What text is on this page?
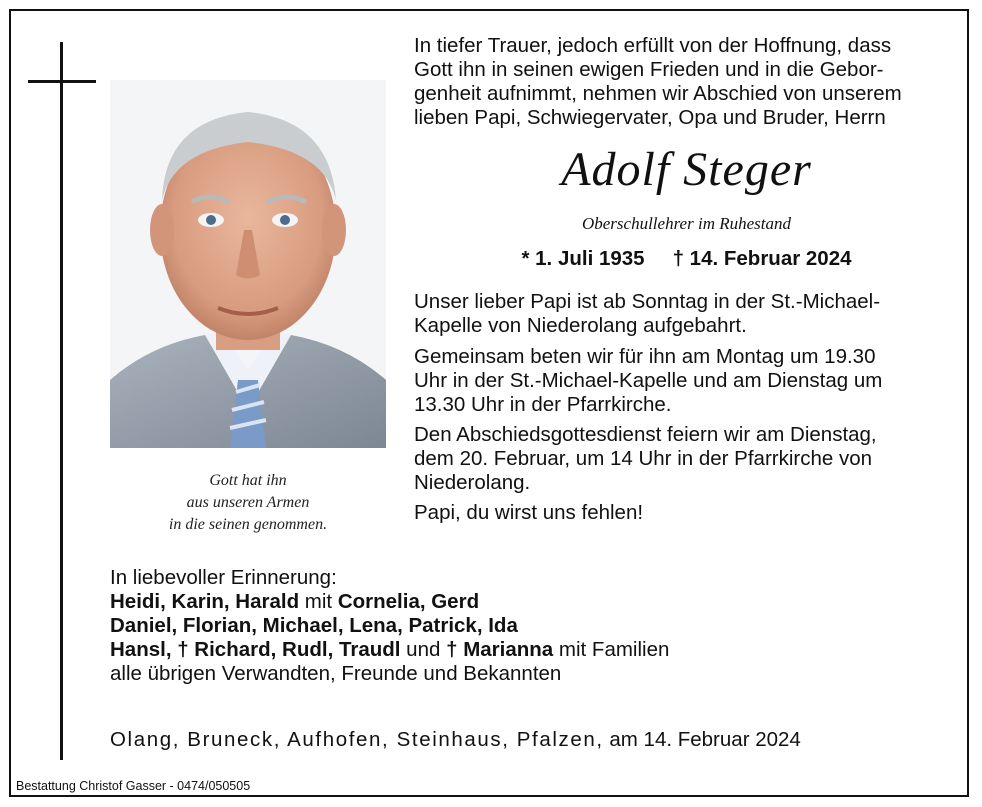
Gott hat ihn
aus unseren Armen
in die seinen genommen.

In tiefer Trauer, jedoch erfüllt von der Hoffnung, dass

Gott ihn in seinen ewigen Frieden und in die Gebor-

genheit aufnimmt, nehmen wir Abschied von unserem

lieben Papi, Schwiegervater, Opa und Bruder, Herrn

Adolf Steger
Oberschullehrer im Ruhestand
* 1. Juli 1935 † 14. Februar 2024

Unser lieber Papi ist ab Sonntag in der St.-Michael-

Kapelle von Niederolang aufgebahrt.

Gemeinsam beten wir für ihn am Montag um 19.30

Uhr in der St.-Michael-Kapelle und am Dienstag um

13.30 Uhr in der Pfarrkirche.

Den Abschiedsgottesdienst feiern wir am Dienstag,

dem 20. Februar, um 14 Uhr in der Pfarrkirche von

Niederolang.

Papi, du wirst uns fehlen!

In liebevoller Erinnerung:
Heidi, Karin, Harald mit Cornelia, Gerd
Daniel, Florian, Michael, Lena, Patrick, Ida
Hansl, † Richard, Rudl, Traudl und † Marianna mit Familien
alle übrigen Verwandten, Freunde und Bekannten
Olang, Bruneck, Aufhofen, Steinhaus, Pfalzen, am 14. Februar 2024
Bestattung Christof Gasser - 0474/050505
